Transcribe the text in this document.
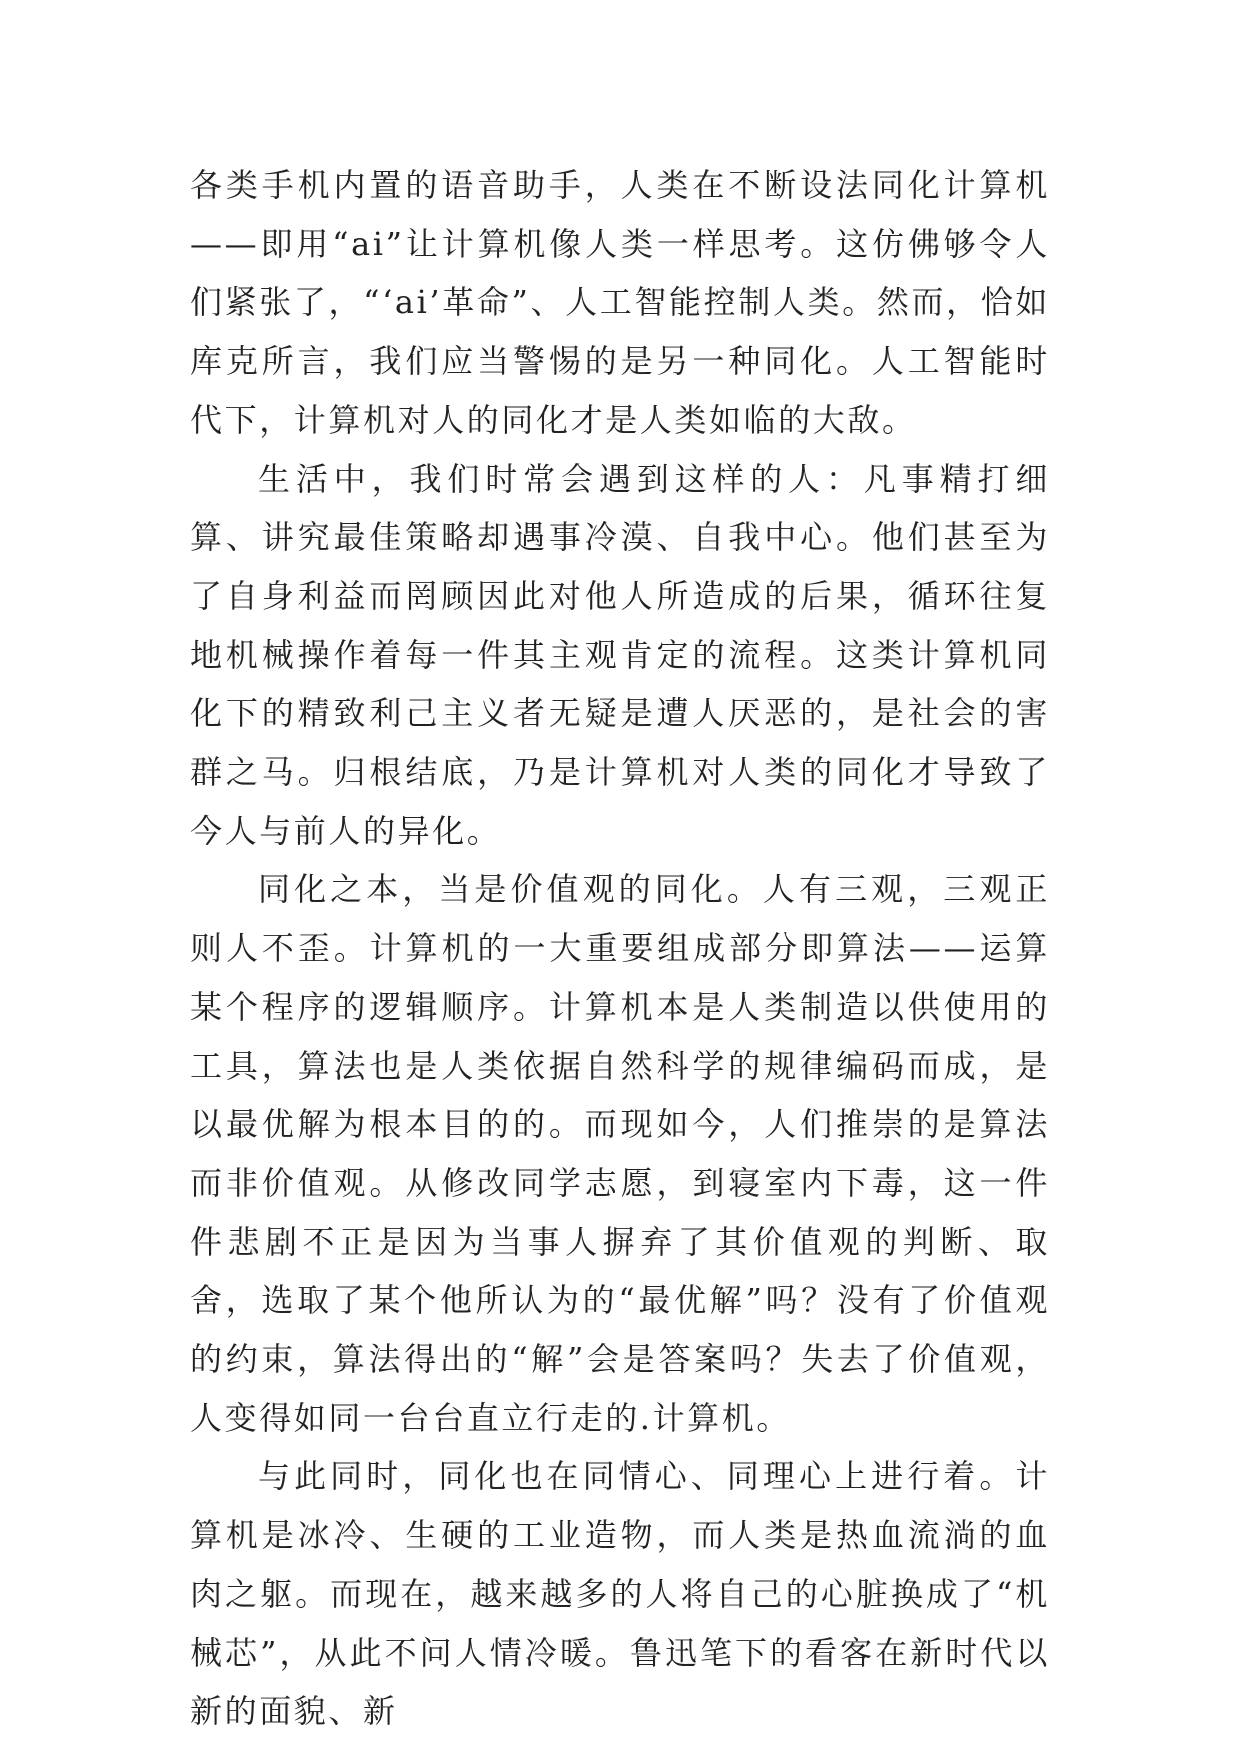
各类手机内置的语音助手，人类在不断设法同化计算机——即用“ai”让计算机像人类一样思考。这仿佛够令人们紧张了，“‘ai’革命”、人工智能控制人类。然而，恰如库克所言，我们应当警惕的是另一种同化。人工智能时代下，计算机对人的同化才是人类如临的大敌。

生活中，我们时常会遇到这样的人：凡事精打细算、讲究最佳策略却遇事冷漠、自我中心。他们甚至为了自身利益而罔顾因此对他人所造成的后果，循环往复地机械操作着每一件其主观肯定的流程。这类计算机同化下的精致利己主义者无疑是遭人厌恶的，是社会的害群之马。归根结底，乃是计算机对人类的同化才导致了今人与前人的异化。

同化之本，当是价值观的同化。人有三观，三观正则人不歪。计算机的一大重要组成部分即算法——运算某个程序的逻辑顺序。计算机本是人类制造以供使用的工具，算法也是人类依据自然科学的规律编码而成，是以最优解为根本目的的。而现如今，人们推崇的是算法而非价值观。从修改同学志愿，到寝室内下毒，这一件件悲剧不正是因为当事人摒弃了其价值观的判断、取舍，选取了某个他所认为的“最优解”吗？没有了价值观的约束，算法得出的“解”会是答案吗？失去了价值观，人变得如同一台台直立行走的.计算机。

与此同时，同化也在同情心、同理心上进行着。计算机是冰冷、生硬的工业造物，而人类是热血流淌的血肉之躯。而现在，越来越多的人将自己的心脏换成了“机械芯”，从此不问人情冷暖。鲁迅笔下的看客在新时代以新的面貌、新
